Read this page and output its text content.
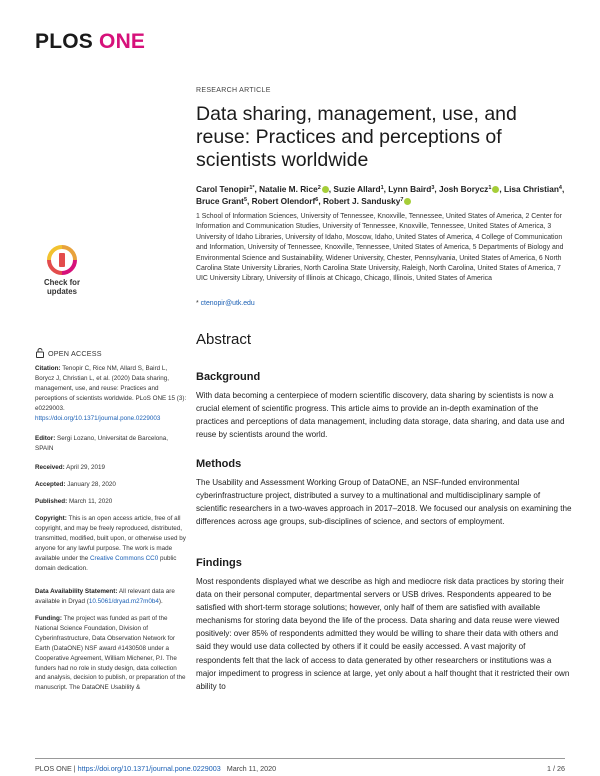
PLOS ONE
RESEARCH ARTICLE
Data sharing, management, use, and reuse: Practices and perceptions of scientists worldwide
Carol Tenopir$^{1*}$, Natalie M. Rice$^2$ , Suzie Allard$^1$, Lynn Baird$^3$, Josh Borycz$^1$ , Lisa Christian$^4$, Bruce Grant$^5$, Robert Olendorf$^6$, Robert J. Sandusky$^7$
1 School of Information Sciences, University of Tennessee, Knoxville, Tennessee, United States of America, 2 Center for Information and Communication Studies, University of Tennessee, Knoxville, Tennessee, United States of America, 3 University of Idaho Libraries, University of Idaho, Moscow, Idaho, United States of America, 4 College of Communication and Information, University of Tennessee, Knoxville, Tennessee, United States of America, 5 Departments of Biology and Environmental Science and Sustainability, Widener University, Chester, Pennsylvania, United States of America, 6 North Carolina State University Libraries, North Carolina State University, Raleigh, North Carolina, United States of America, 7 UIC University Library, University of Illinois at Chicago, Chicago, Illinois, United States of America
* ctenopir@utk.edu
Abstract
Background
With data becoming a centerpiece of modern scientific discovery, data sharing by scientists is now a crucial element of scientific progress. This article aims to provide an in-depth examination of the practices and perceptions of data management, including data storage, data sharing, and data use and reuse by scientists around the world.
Methods
The Usability and Assessment Working Group of DataONE, an NSF-funded environmental cyberinfrastructure project, distributed a survey to a multinational and multidisciplinary sample of scientific researchers in a two-waves approach in 2017–2018. We focused our analysis on examining the differences across age groups, sub-disciplines of science, and sectors of employment.
Findings
Most respondents displayed what we describe as high and mediocre risk data practices by storing their data on their personal computer, departmental servers or USB drives. Respondents appeared to be satisfied with short-term storage solutions; however, only half of them are satisfied with available mechanisms for storing data beyond the life of the process. Data sharing and data reuse were viewed positively: over 85% of respondents admitted they would be willing to share their data with others and said they would use data collected by others if it could be easily accessed. A vast majority of respondents felt that the lack of access to data generated by other researchers or institutions was a major impediment to progress in science at large, yet only about a half thought that it restricted their own ability to
Check for
updates
OPEN ACCESS
Citation: Tenopir C, Rice NM, Allard S, Baird L, Borycz J, Christian L, et al. (2020) Data sharing, management, use, and reuse: Practices and perceptions of scientists worldwide. PLoS ONE 15 (3): e0229003. https://doi.org/10.1371/journal.pone.0229003
Editor: Sergi Lozano, Universitat de Barcelona, SPAIN
Received: April 29, 2019
Accepted: January 28, 2020
Published: March 11, 2020
Copyright: This is an open access article, free of all copyright, and may be freely reproduced, distributed, transmitted, modified, built upon, or otherwise used by anyone for any lawful purpose. The work is made available under the Creative Commons CC0 public domain dedication.
Data Availability Statement: All relevant data are available in Dryad (10.5061/dryad.m27m0b4).
Funding: The project was funded as part of the National Science Foundation, Division of Cyberinfrastructure, Data Observation Network for Earth (DataONE) NSF award #1430508 under a Cooperative Agreement, William Michener, P.I. The funders had no role in study design, data collection and analysis, decision to publish, or preparation of the manuscript. The DataONE Usability &
PLOS ONE | https://doi.org/10.1371/journal.pone.0229003 March 11, 2020	1 / 26
